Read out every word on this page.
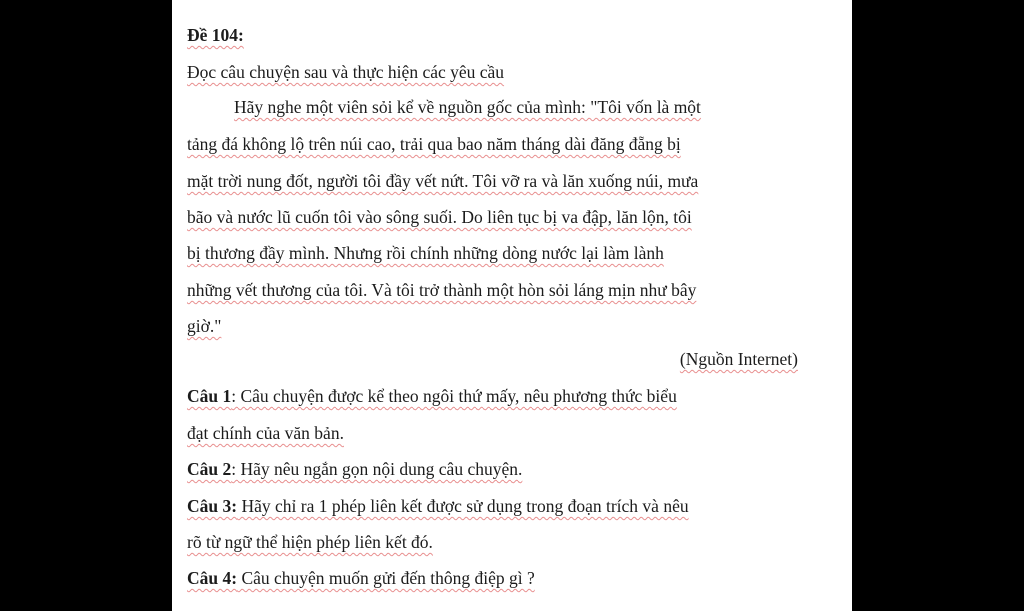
Đề 104:
Đọc câu chuyện sau và thực hiện các yêu cầu
Hãy nghe một viên sỏi kể về nguồn gốc của mình: "Tôi vốn là một
tảng đá không lộ trên núi cao, trải qua bao năm tháng dài đăng đẵng bị
mặt trời nung đốt, người tôi đầy vết nứt. Tôi vỡ ra và lăn xuống núi, mưa
bão và nước lũ cuốn tôi vào sông suối. Do liên tục bị va đập, lăn lộn, tôi
bị thương đầy mình. Nhưng rồi chính những dòng nước lại làm lành
những vết thương của tôi. Và tôi trở thành một hòn sỏi láng mịn như bây
giờ."
(Nguồn Internet)
Câu 1: Câu chuyện được kể theo ngôi thứ mấy, nêu phương thức biểu
đạt chính của văn bản.
Câu 2: Hãy nêu ngắn gọn nội dung câu chuyện.
Câu 3: Hãy chỉ ra 1 phép liên kết được sử dụng trong đoạn trích và nêu
rõ từ ngữ thể hiện phép liên kết đó.
Câu 4: Câu chuyện muốn gửi đến thông điệp gì ?
